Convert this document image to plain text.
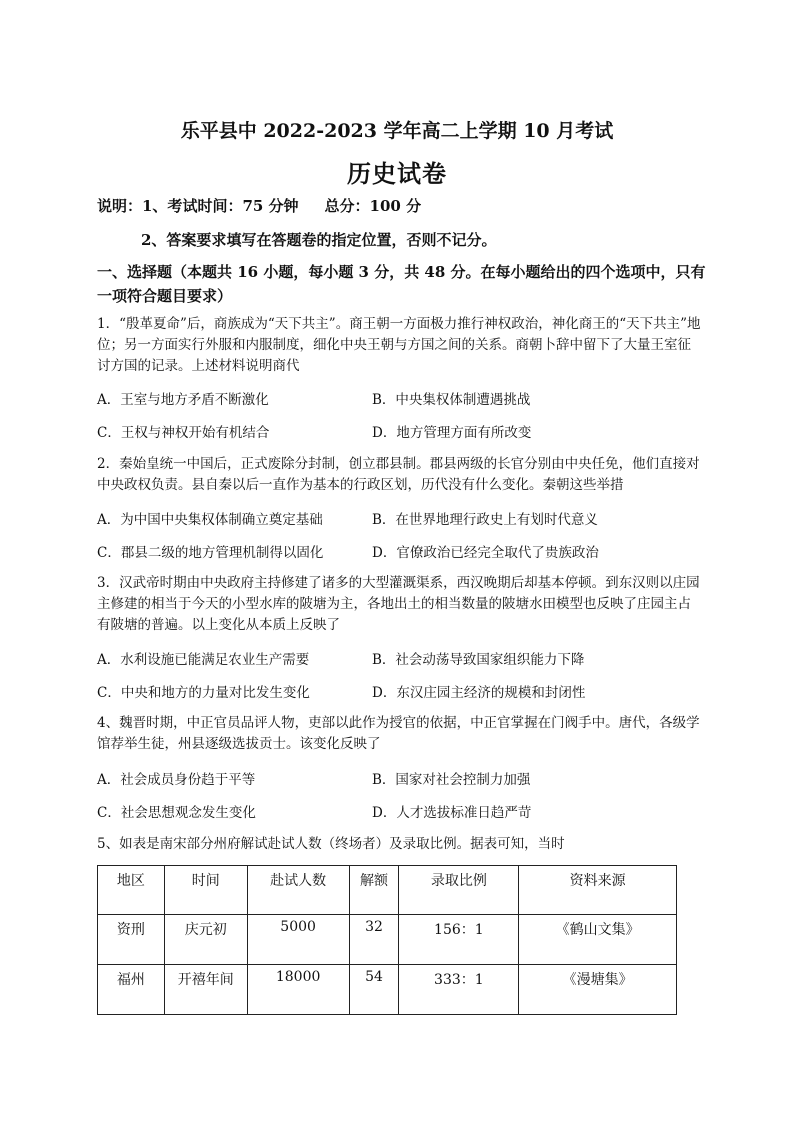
乐平县中 2022-2023 学年高二上学期 10 月考试
历史试卷
说明：1、考试时间：75 分钟 总分：100 分
2、答案要求填写在答题卷的指定位置，否则不记分。
一、选择题（本题共 16 小题，每小题 3 分，共 48 分。在每小题给出的四个选项中，只有一项符合题目要求）
1．“殷革夏命”后，商族成为“天下共主”。商王朝一方面极力推行神权政治，神化商王的“天下共主”地位；另一方面实行外服和内服制度，细化中央王朝与方国之间的关系。商朝卜辞中留下了大量王室征讨方国的记录。上述材料说明商代
A．王室与地方矛盾不断激化	B．中央集权体制遭遇挑战
C．王权与神权开始有机结合	D．地方管理方面有所改变
2．秦始皇统一中国后，正式废除分封制，创立郡县制。郡县两级的长官分别由中央任免，他们直接对中央政权负责。县自秦以后一直作为基本的行政区划，历代没有什么变化。秦朝这些举措
A．为中国中央集权体制确立奠定基础	B．在世界地理行政史上有划时代意义
C．郡县二级的地方管理机制得以固化	D．官僚政治已经完全取代了贵族政治
3．汉武帝时期由中央政府主持修建了诸多的大型灌溉渠系，西汉晚期后却基本停顿。到东汉则以庄园主修建的相当于今天的小型水库的陂塘为主，各地出土的相当数量的陂塘水田模型也反映了庄园主占有陂塘的普遍。以上变化从本质上反映了
A．水利设施已能满足农业生产需要	B．社会动荡导致国家组织能力下降
C．中央和地方的力量对比发生变化	D．东汉庄园主经济的规模和封闭性
4、魏晋时期，中正官员品评人物，吏部以此作为授官的依据，中正官掌握在门阀手中。唐代，各级学馆荐举生徒，州县逐级选拔贡士。该变化反映了
A．社会成员身份趋于平等	B．国家对社会控制力加强
C．社会思想观念发生变化	D．人才选拔标准日趋严苛
5、如表是南宋部分州府解试赴试人数（终场者）及录取比例。据表可知，当时
地区	时间	赴试人数	解额	录取比例	资料来源
资刑	庆元初	5000	32	156：1	《鹤山文集》
福州	开禧年间	18000	54	333：1	《漫塘集》
